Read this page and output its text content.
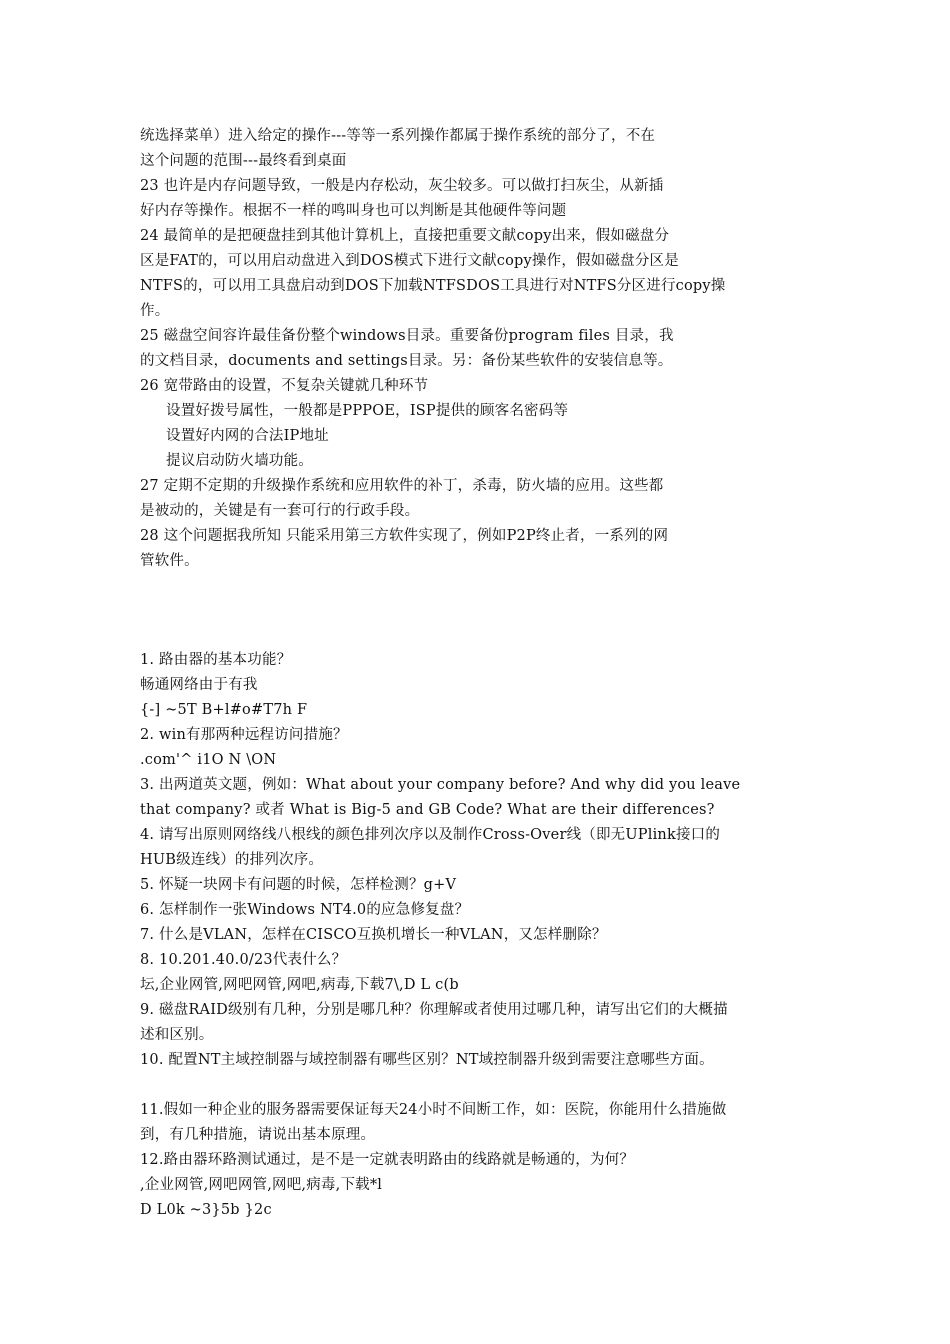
统选择菜单）进入给定的操作---等等一系列操作都属于操作系统的部分了，不在
这个问题的范围---最终看到桌面
23 也许是内存问题导致，一般是内存松动，灰尘较多。可以做打扫灰尘，从新插
好内存等操作。根据不一样的鸣叫身也可以判断是其他硬件等问题
24 最简单的是把硬盘挂到其他计算机上，直接把重要文献copy出来，假如磁盘分
区是FAT的，可以用启动盘进入到DOS模式下进行文献copy操作，假如磁盘分区是
NTFS的，可以用工具盘启动到DOS下加载NTFSDOS工具进行对NTFS分区进行copy操
作。
25 磁盘空间容许最佳备份整个windows目录。重要备份program files 目录，我
的文档目录，documents and settings目录。另：备份某些软件的安装信息等。
26 宽带路由的设置，不复杂关键就几种环节
设置好拨号属性，一般都是PPPOE，ISP提供的顾客名密码等
设置好内网的合法IP地址
提议启动防火墙功能。
27 定期不定期的升级操作系统和应用软件的补丁，杀毒，防火墙的应用。这些都
是被动的，关键是有一套可行的行政手段。
28 这个问题据我所知 只能采用第三方软件实现了，例如P2P终止者，一系列的网
管软件。
1. 路由器的基本功能？
畅通网络由于有我
{-] ~5T B+l#o#T7h F
2. win有那两种远程访问措施？
.com'^ i1O N \ON
3. 出两道英文题，例如：What about your company before? And why did you leave
that company? 或者 What is Big-5 and GB Code? What are their differences?
4. 请写出原则网络线八根线的颜色排列次序以及制作Cross-Over线（即无UPlink接口的
HUB级连线）的排列次序。
5. 怀疑一块网卡有问题的时候，怎样检测？g+V
6. 怎样制作一张Windows NT4.0的应急修复盘？
7. 什么是VLAN，怎样在CISCO互换机增长一种VLAN，又怎样删除？
8. 10.201.40.0/23代表什么？
坛,企业网管,网吧网管,网吧,病毒,下载7\,D L c(b
9. 磁盘RAID级别有几种，分别是哪几种？你理解或者使用过哪几种，请写出它们的大概描
述和区别。
10. 配置NT主域控制器与域控制器有哪些区别？NT域控制器升级到需要注意哪些方面。
11.假如一种企业的服务器需要保证每天24小时不间断工作，如：医院，你能用什么措施做
到，有几种措施，请说出基本原理。
12.路由器环路测试通过，是不是一定就表明路由的线路就是畅通的，为何？
,企业网管,网吧网管,网吧,病毒,下载*l
D L0k ~3}5b }2c
